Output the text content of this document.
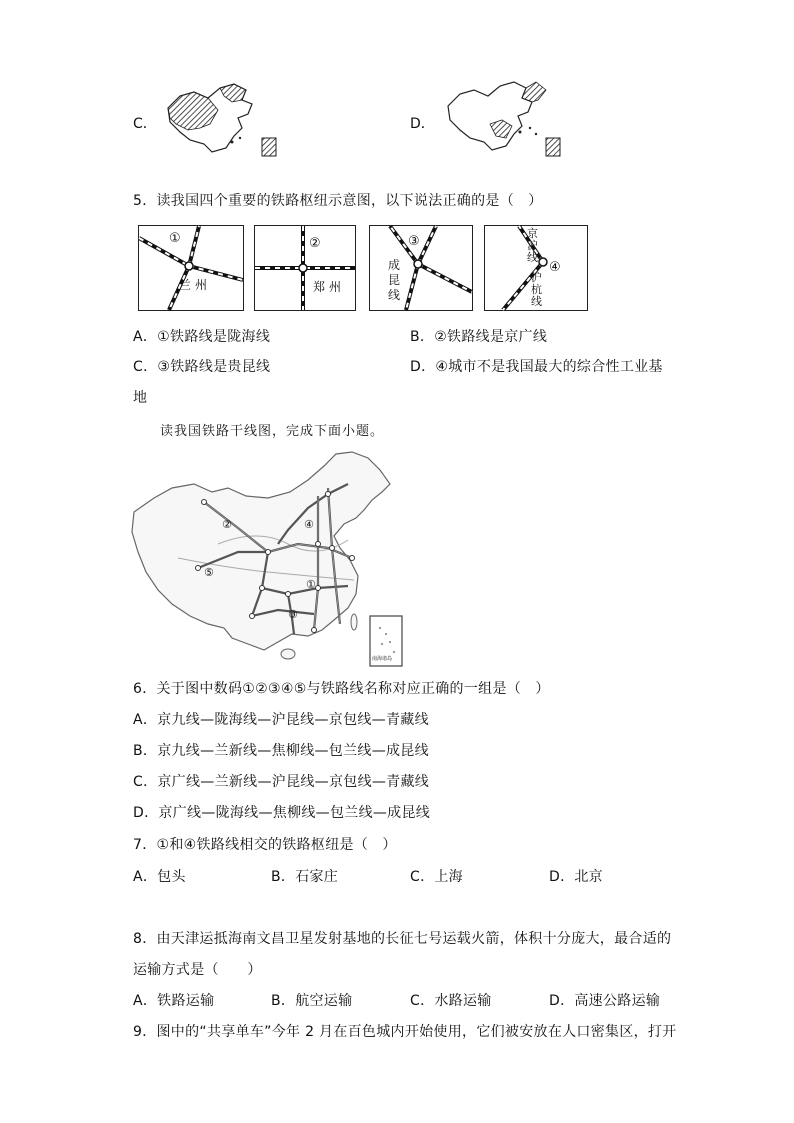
C．	D．
5．读我国四个重要的铁路枢纽示意图，以下说法正确的是（　）
①
兰州
②
郑州
③
成昆线
④
京沪线
沪杭线
A．①铁路线是陇海线	B．②铁路线是京广线
C．③铁路线是贵昆线	D．④城市不是我国最大的综合性工业基
地
读我国铁路干线图，完成下面小题。
②	④
⑤
①
③
南海诸岛
6．关于图中数码①②③④⑤与铁路线名称对应正确的一组是（　）
A．京九线—陇海线—沪昆线—京包线—青藏线
B．京九线—兰新线—焦柳线—包兰线—成昆线
C．京广线—兰新线—沪昆线—京包线—青藏线
D．京广线—陇海线—焦柳线—包兰线—成昆线
7．①和④铁路线相交的铁路枢纽是（　）
A．包头	B．石家庄	C．上海	D．北京
8．由天津运抵海南文昌卫星发射基地的长征七号运载火箭，体积十分庞大，最合适的
运输方式是（　　）
A．铁路运输	B．航空运输	C．水路运输	D．高速公路运输
9．图中的“共享单车”今年 2 月在百色城内开始使用，它们被安放在人口密集区，打开
